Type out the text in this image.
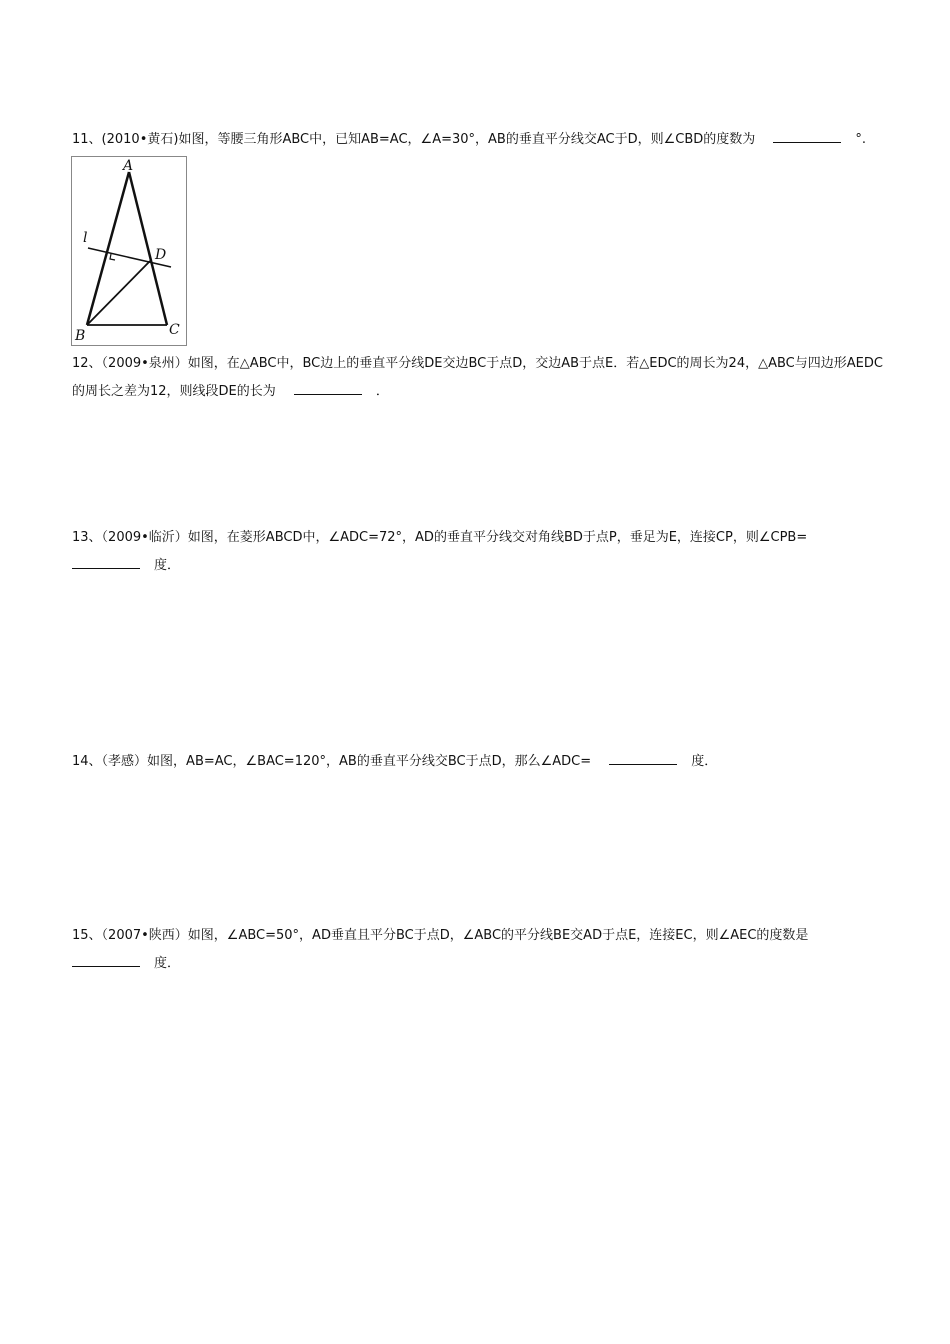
11、(2010•黄石)如图，等腰三角形ABC中，已知AB=AC，∠A=30°，AB的垂直平分线交AC于D，则∠CBD的度数为	°.

A
B	C
D
l

12、（2009•泉州）如图，在△ABC中，BC边上的垂直平分线DE交边BC于点D，交边AB于点E．若△EDC的周长为24，△ABC与四边形AEDC的周长之差为12，则线段DE的长为	．

13、（2009•临沂）如图，在菱形ABCD中，∠ADC=72°，AD的垂直平分线交对角线BD于点P，垂足为E，连接CP，则∠CPB= 度．

14、（孝感）如图，AB=AC，∠BAC=120°，AB的垂直平分线交BC于点D，那么∠ADC=	度．

15、（2007•陕西）如图，∠ABC=50°，AD垂直且平分BC于点D，∠ABC的平分线BE交AD于点E，连接EC，则∠AEC的度数是 度．
